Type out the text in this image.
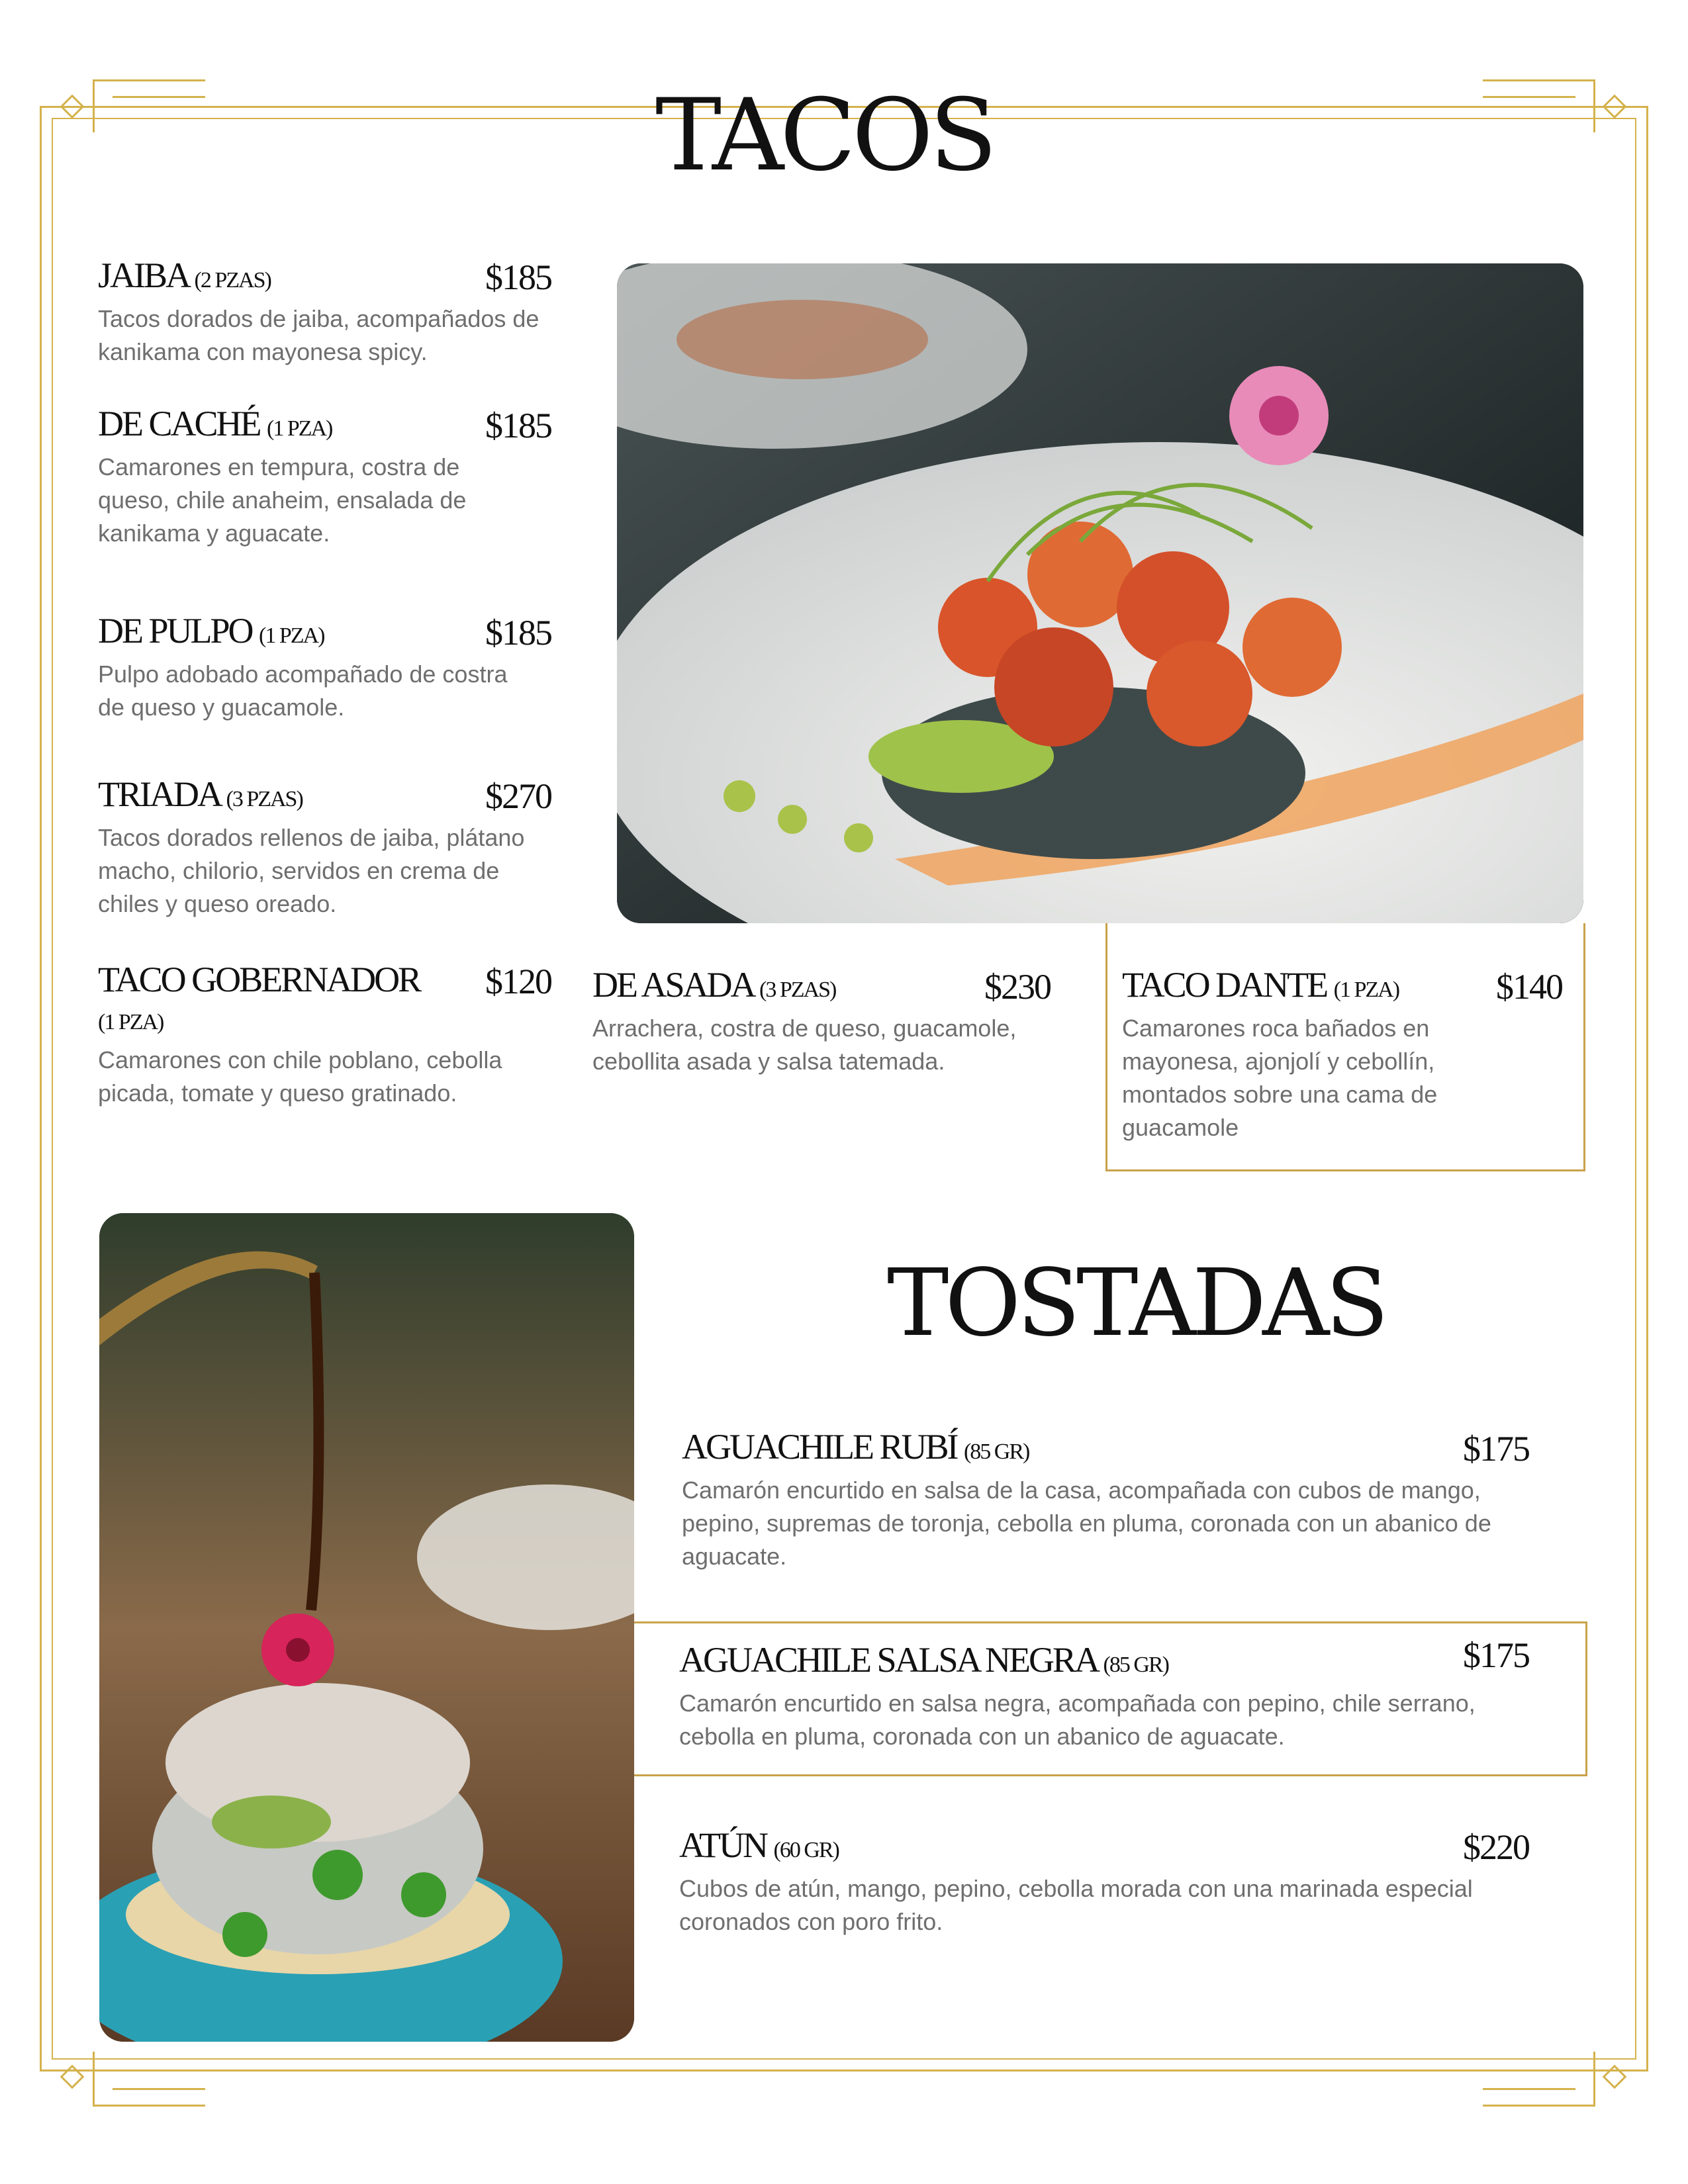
TACOS
JAIBA (2 PZAS)	$185
Tacos dorados de jaiba, acompañados de kanikama con mayonesa spicy.
DE CACHÉ (1 PZA)	$185
Camarones en tempura, costra de queso, chile anaheim, ensalada de kanikama y aguacate.
DE PULPO (1 PZA)	$185
Pulpo adobado acompañado de costra de queso y guacamole.
TRIADA (3 PZAS)	$270
Tacos dorados rellenos de jaiba, plátano macho, chilorio, servidos en crema de chiles y queso oreado.
TACO GOBERNADOR (1 PZA)
$120
Camarones con chile poblano, cebolla picada, tomate y queso gratinado.
DE ASADA (3 PZAS)	$230
Arrachera, costra de queso, guacamole, cebollita asada y salsa tatemada.
TACO DANTE (1 PZA)	$140
Camarones roca bañados en mayonesa, ajonjolí y cebollín, montados sobre una cama de guacamole
TOSTADAS
AGUACHILE RUBÍ (85 GR)	$175
Camarón encurtido en salsa de la casa, acompañada con cubos de mango, pepino, supremas de toronja, cebolla en pluma, coronada con un abanico de aguacate.
AGUACHILE SALSA NEGRA (85 GR)	$175
Camarón encurtido en salsa negra, acompañada con pepino, chile serrano, cebolla en pluma, coronada con un abanico de aguacate.
ATÚN (60 GR)	$220
Cubos de atún, mango, pepino, cebolla morada con una marinada especial coronados con poro frito.
